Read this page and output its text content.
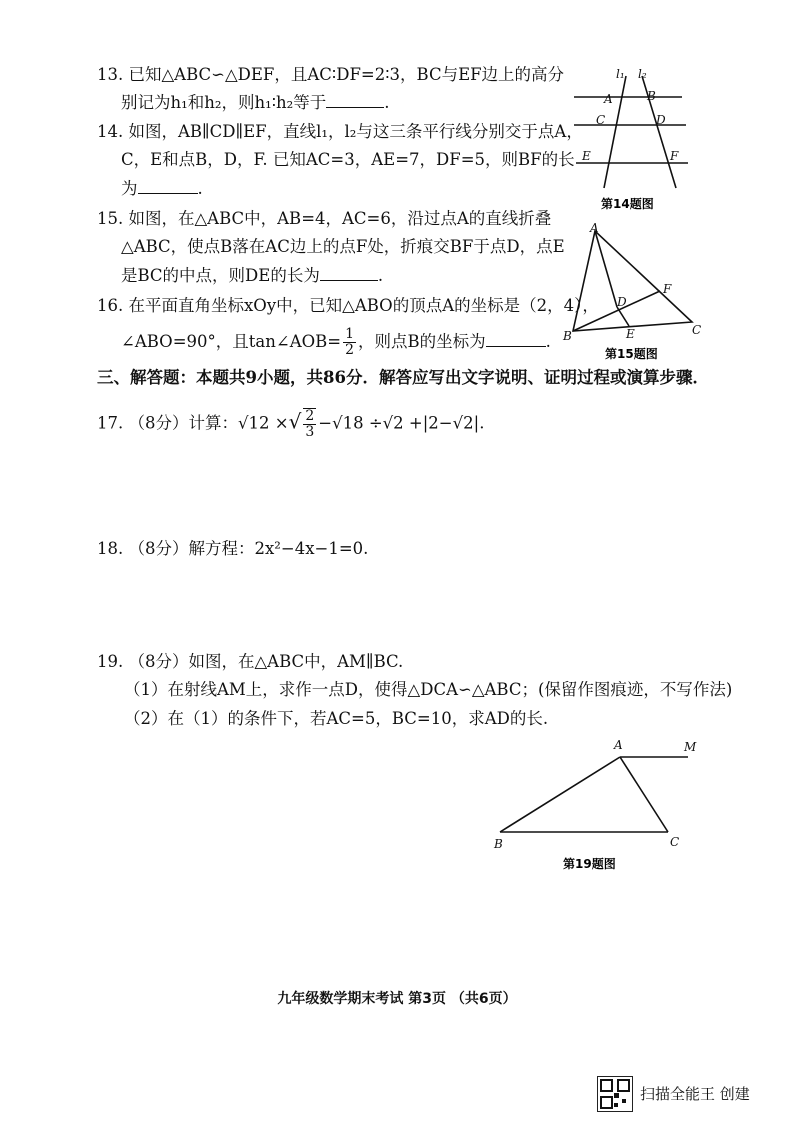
13. 已知△ABC∽△DEF，且AC∶DF=2∶3，BC与EF边上的高分
别记为h₁和h₂，则h₁∶h₂等于	.
14. 如图，AB∥CD∥EF，直线l₁，l₂与这三条平行线分别交于点A，
C，E和点B，D，F. 已知AC=3，AE=7，DF=5，则BF的长
为	.
l₁ l₂
A	B
C	D
E	F
第14题图
15. 如图，在△ABC中，AB=4，AC=6，沿过点A的直线折叠
△ABC，使点B落在AC边上的点F处，折痕交BF于点D，点E
是BC的中点，则DE的长为	.
16. 在平面直角坐标xOy中，已知△ABO的顶点A的坐标是（2，4），
∠ABO=90°，且tan∠AOB= $\frac{1}{2}$ ，则点B的坐标为	.
A
D
F
B	E	C
第15题图
三、解答题：本题共9小题，共86分．解答应写出文字说明、证明过程或演算步骤．
17. （8分）计算：√12 ×√ $\frac{2}{3} -√18 \div√2 +|2-√2|$.
18. （8分）解方程：2x²−4x−1=0.
19. （8分）如图，在△ABC中，AM∥BC.
（1）在射线AM上，求作一点D，使得△DCA∽△ABC；(保留作图痕迹，不写作法)
（2）在（1）的条件下，若AC=5，BC=10，求AD的长.
A	M
B	C
第19题图
九年级数学期末考试 第3页 （共6页）
扫描全能王 创建
